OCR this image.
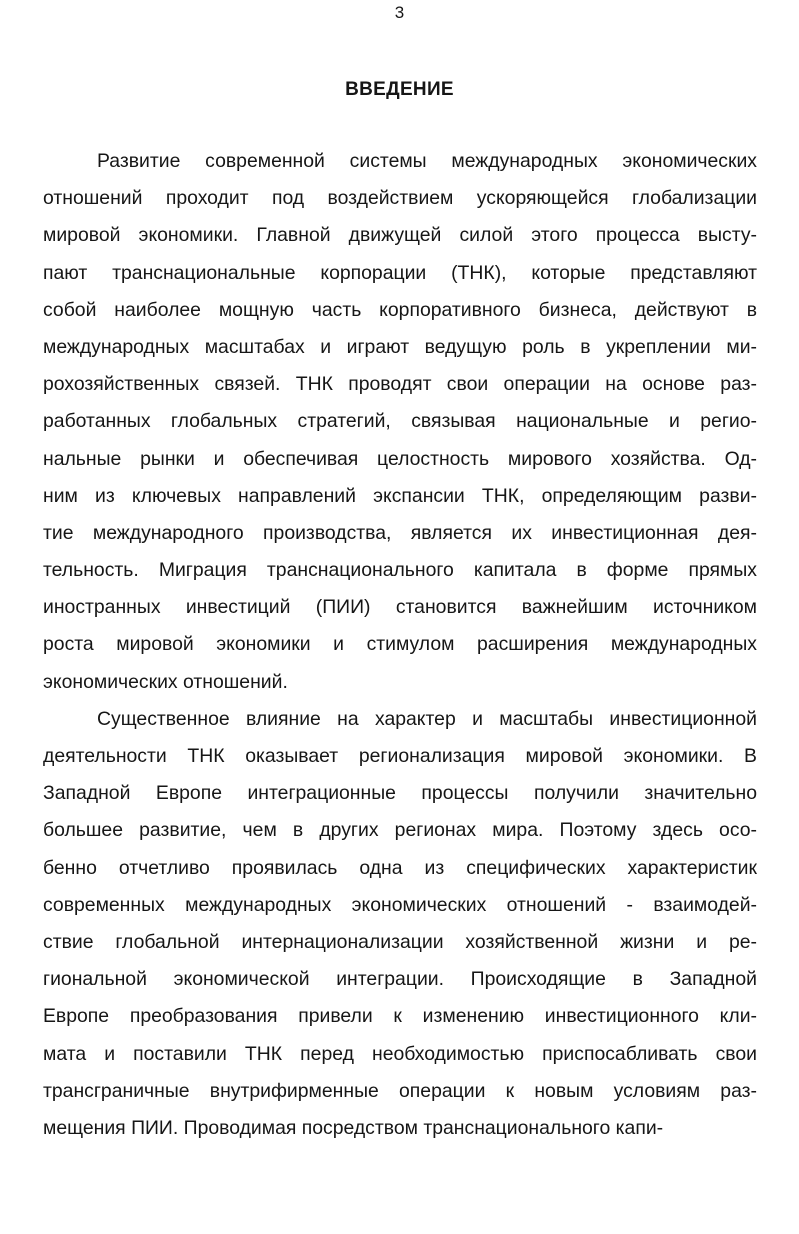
3
ВВЕДЕНИЕ
Развитие современной системы международных экономических
отношений проходит под воздействием ускоряющейся глобализации
мировой экономики. Главной движущей силой этого процесса высту-
пают транснациональные корпорации (ТНК), которые представляют
собой наиболее мощную часть корпоративного бизнеса, действуют в
международных масштабах и играют ведущую роль в укреплении ми-
рохозяйственных связей. ТНК проводят свои операции на основе раз-
работанных глобальных стратегий, связывая национальные и регио-
нальные рынки и обеспечивая целостность мирового хозяйства. Од-
ним из ключевых направлений экспансии ТНК, определяющим разви-
тие международного производства, является их инвестиционная дея-
тельность. Миграция транснационального капитала в форме прямых
иностранных инвестиций (ПИИ) становится важнейшим источником
роста мировой экономики и стимулом расширения международных
экономических отношений.
Существенное влияние на характер и масштабы инвестиционной
деятельности ТНК оказывает регионализация мировой экономики. В
Западной Европе интеграционные процессы получили значительно
большее развитие, чем в других регионах мира. Поэтому здесь осо-
бенно отчетливо проявилась одна из специфических характеристик
современных международных экономических отношений - взаимодей-
ствие глобальной интернационализации хозяйственной жизни и ре-
гиональной экономической интеграции. Происходящие в Западной
Европе преобразования привели к изменению инвестиционного кли-
мата и поставили ТНК перед необходимостью приспосабливать свои
трансграничные внутрифирменные операции к новым условиям раз-
мещения ПИИ. Проводимая посредством транснационального капи-
